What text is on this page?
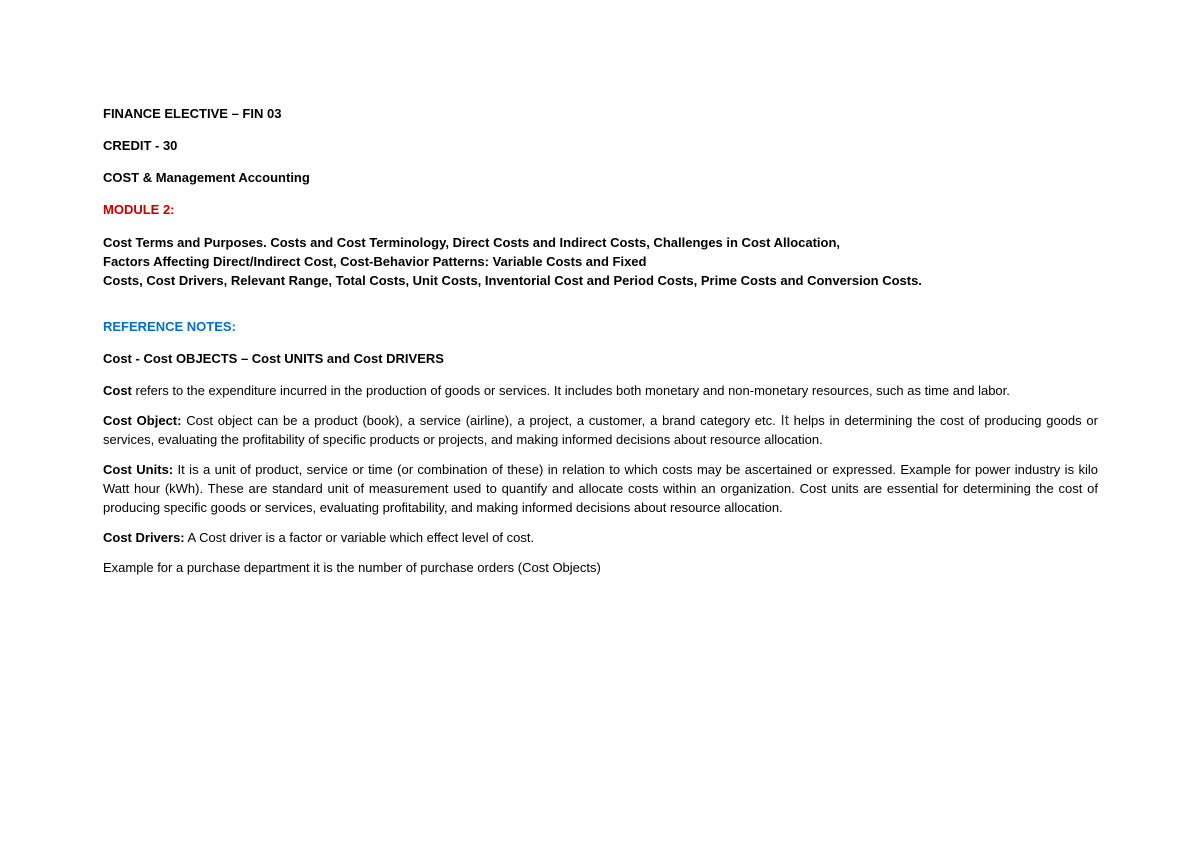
FINANCE ELECTIVE – FIN 03

CREDIT - 30

COST & Management Accounting

MODULE 2:

Cost Terms and Purposes. Costs and Cost Terminology, Direct Costs and Indirect Costs, Challenges in Cost Allocation,

Factors Affecting Direct/Indirect Cost, Cost-Behavior Patterns: Variable Costs and Fixed

Costs, Cost Drivers, Relevant Range, Total Costs, Unit Costs, Inventorial Cost and Period Costs, Prime Costs and Conversion Costs.

REFERENCE NOTES:

Cost - Cost OBJECTS – Cost UNITS and Cost DRIVERS

Cost refers to the expenditure incurred in the production of goods or services. It includes both monetary and non-monetary resources, such as time and labor.

Cost Object: Cost object can be a product (book), a service (airline), a project, a customer, a brand category etc. It helps in determining the cost of producing goods or services, evaluating the profitability of specific products or projects, and making informed decisions about resource allocation.

Cost Units: It is a unit of product, service or time (or combination of these) in relation to which costs may be ascertained or expressed. Example for power industry is kilo Watt hour (kWh). These are standard unit of measurement used to quantify and allocate costs within an organization. Cost units are essential for determining the cost of producing specific goods or services, evaluating profitability, and making informed decisions about resource allocation.

Cost Drivers: A Cost driver is a factor or variable which effect level of cost.

Example for a purchase department it is the number of purchase orders (Cost Objects)
